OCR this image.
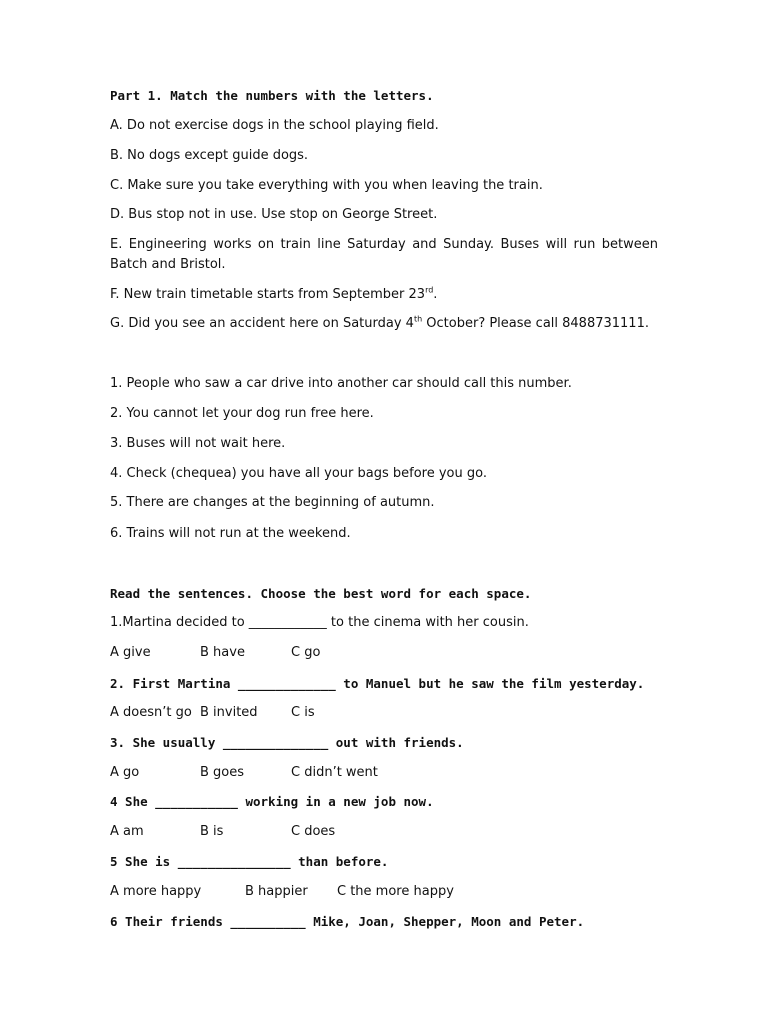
Part 1. Match the numbers with the letters.
A. Do not exercise dogs in the school playing field.
B. No dogs except guide dogs.
C. Make sure you take everything with you when leaving the train.
D. Bus stop not in use. Use stop on George Street.
E. Engineering works on train line Saturday and Sunday. Buses will run between Batch and Bristol.
F. New train timetable starts from September 23rd.
G. Did you see an accident here on Saturday 4th October? Please call 8488731111.
1. People who saw a car drive into another car should call this number.
2. You cannot let your dog run free here.
3. Buses will not wait here.
4. Check (chequea) you have all your bags before you go.
5. There are changes at the beginning of autumn.
6. Trains will not run at the weekend.
Read the sentences. Choose the best word for each space.
1.Martina decided to ____________ to the cinema with her cousin.
A give	B have	C go
2. First Martina _____________ to Manuel but he saw the film yesterday.
A doesn’t go B invited	C is
3. She usually ______________ out with friends.
A go	B goes	C didn’t went
4 She ___________ working in a new job now.
A am	B is	C does
5 She is _______________ than before.
A more happy	B happier C the more happy
6 Their friends __________ Mike, Joan, Shepper, Moon and Peter.
